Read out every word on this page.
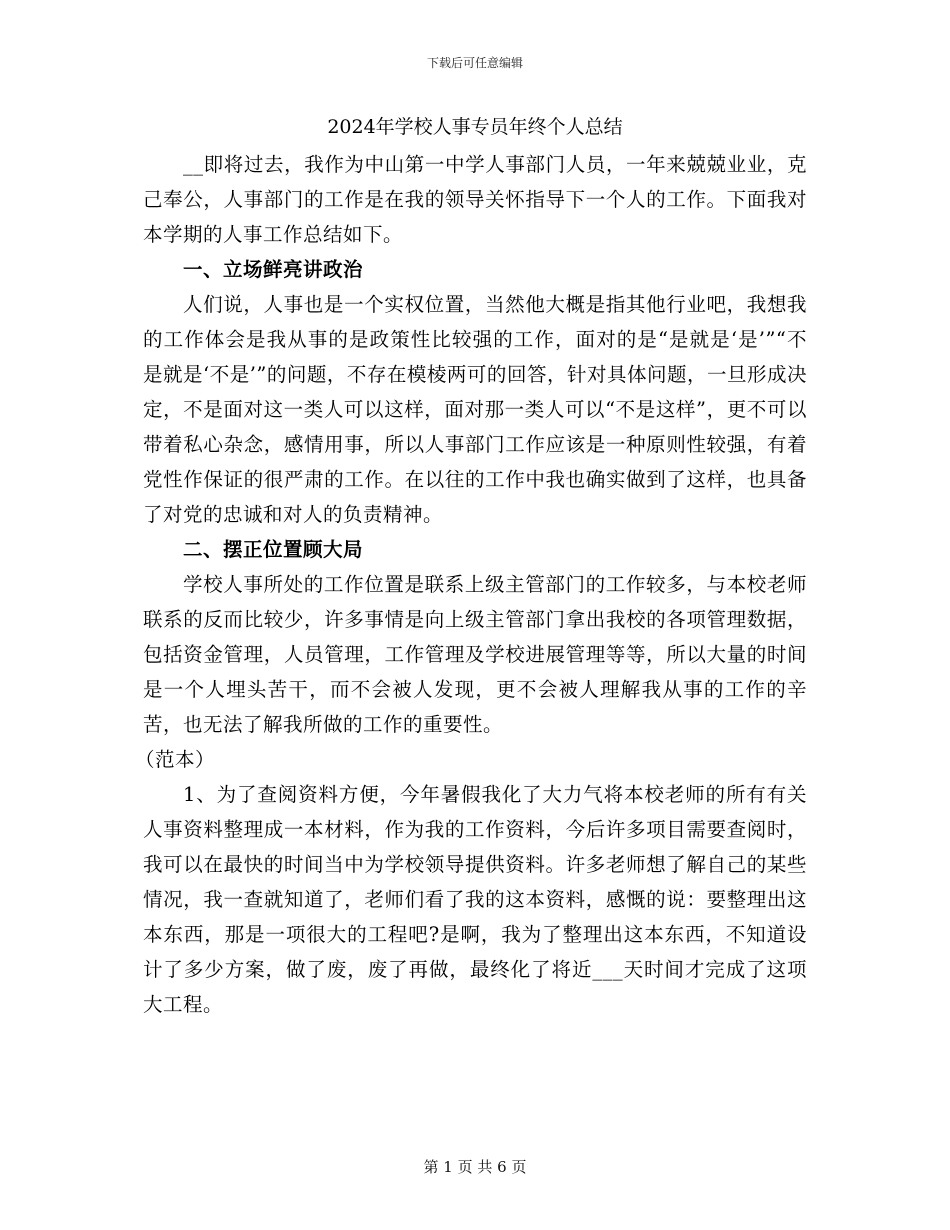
下载后可任意编辑
2024年学校人事专员年终个人总结

__即将过去，我作为中山第一中学人事部门人员，一年来兢兢业业，克己奉公，人事部门的工作是在我的领导关怀指导下一个人的工作。下面我对本学期的人事工作总结如下。

一、立场鲜亮讲政治

人们说，人事也是一个实权位置，当然他大概是指其他行业吧，我想我的工作体会是我从事的是政策性比较强的工作，面对的是“是就是‘是’”“不是就是‘不是’”的问题，不存在模棱两可的回答，针对具体问题，一旦形成决定，不是面对这一类人可以这样，面对那一类人可以“不是这样”，更不可以带着私心杂念，感情用事，所以人事部门工作应该是一种原则性较强，有着党性作保证的很严肃的工作。在以往的工作中我也确实做到了这样，也具备了对党的忠诚和对人的负责精神。

二、摆正位置顾大局

学校人事所处的工作位置是联系上级主管部门的工作较多，与本校老师联系的反而比较少，许多事情是向上级主管部门拿出我校的各项管理数据，包括资金管理，人员管理，工作管理及学校进展管理等等，所以大量的时间是一个人埋头苦干，而不会被人发现，更不会被人理解我从事的工作的辛苦，也无法了解我所做的工作的重要性。

（范本）

1、为了查阅资料方便，今年暑假我化了大力气将本校老师的所有有关人事资料整理成一本材料，作为我的工作资料，今后许多项目需要查阅时，我可以在最快的时间当中为学校领导提供资料。许多老师想了解自己的某些情况，我一查就知道了，老师们看了我的这本资料，感慨的说：要整理出这本东西，那是一项很大的工程吧?是啊，我为了整理出这本东西，不知道设计了多少方案，做了废，废了再做，最终化了将近___天时间才完成了这项大工程。

第 1 页 共 6 页
